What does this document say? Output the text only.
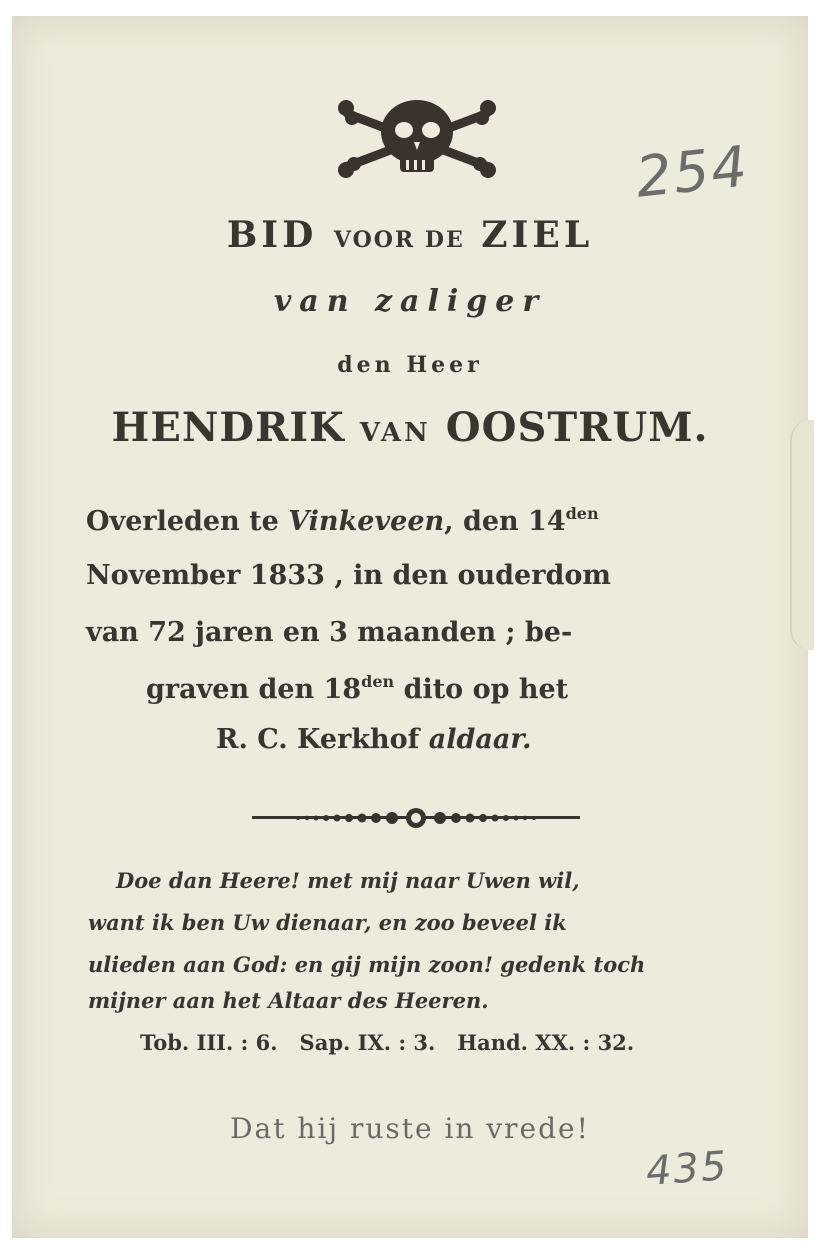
254
435
BID VOOR DE ZIEL
van zaliger
den Heer
HENDRIK VAN OOSTRUM.
Overleden te Vinkeveen, den $14^{den}$
November 1833 , in den ouderdom
van 72 jaren en 3 maanden ; be-
graven den $18^{den}$ dito op het
R. C. Kerkhof aldaar.
Doe dan Heere! met mij naar Uwen wil,
want ik ben Uw dienaar, en zoo beveel ik
ulieden aan God: en gij mijn zoon! gedenk toch
mijner aan het Altaar des Heeren.
Tob. III. : 6.   Sap. IX. : 3.   Hand. XX. : 32.
Dat hij ruste in vrede!
